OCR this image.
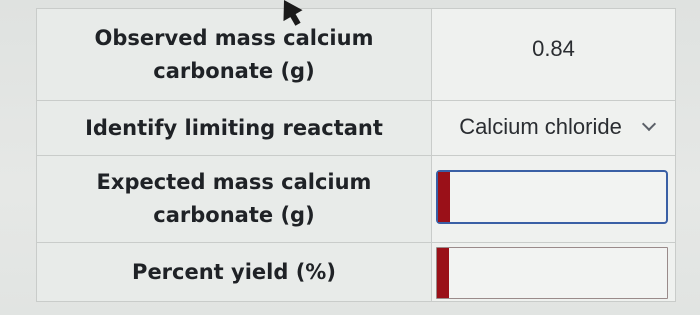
Observed mass calcium carbonate (g)
0.84
Identify limiting reactant	Calcium chloride
Expected mass calcium carbonate (g)
Percent yield (%)
